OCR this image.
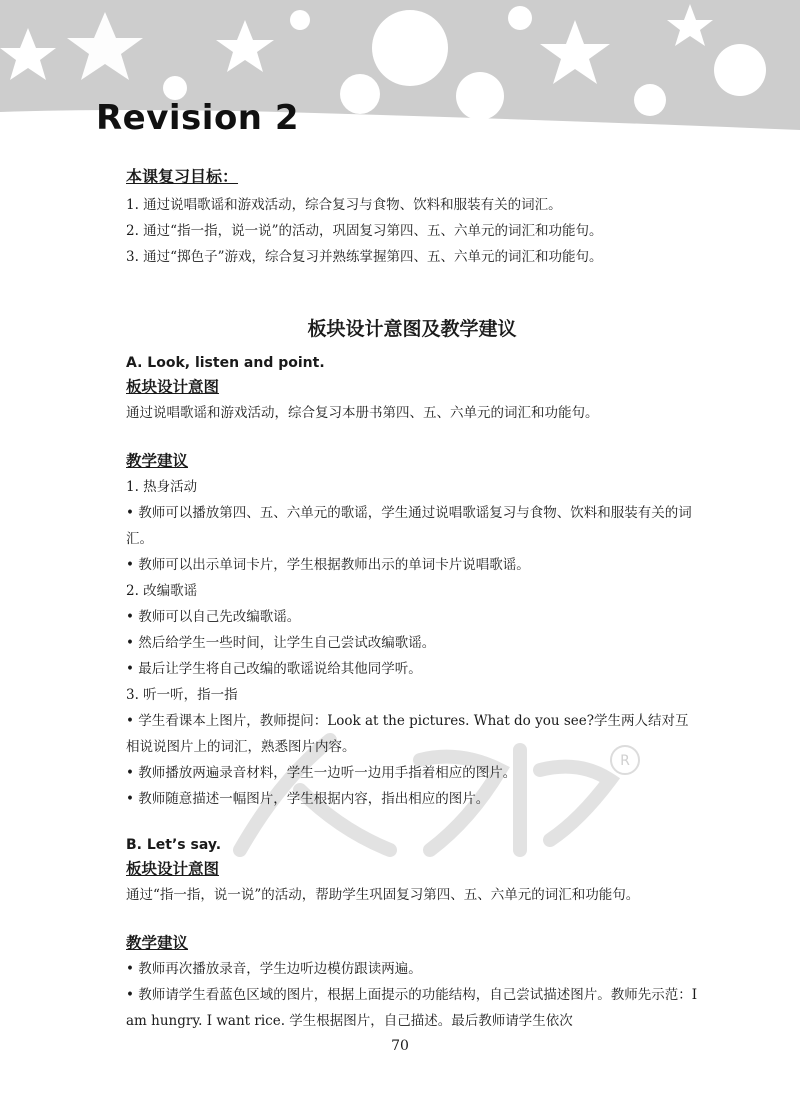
Revision 2
R
本课复习目标：
1. 通过说唱歌谣和游戏活动，综合复习与食物、饮料和服装有关的词汇。
2. 通过“指一指，说一说”的活动，巩固复习第四、五、六单元的词汇和功能句。
3. 通过“掷色子”游戏，综合复习并熟练掌握第四、五、六单元的词汇和功能句。
板块设计意图及教学建议
A. Look, listen and point.
板块设计意图

通过说唱歌谣和游戏活动，综合复习本册书第四、五、六单元的词汇和功能句。

教学建议

1. 热身活动

• 教师可以播放第四、五、六单元的歌谣，学生通过说唱歌谣复习与食物、饮料和服装有关的词汇。

• 教师可以出示单词卡片，学生根据教师出示的单词卡片说唱歌谣。

2. 改编歌谣

• 教师可以自己先改编歌谣。

• 然后给学生一些时间，让学生自己尝试改编歌谣。

• 最后让学生将自己改编的歌谣说给其他同学听。

3. 听一听，指一指

• 学生看课本上图片，教师提问：Look at the pictures. What do you see?学生两人结对互相说说图片上的词汇，熟悉图片内容。

• 教师播放两遍录音材料，学生一边听一边用手指着相应的图片。

• 教师随意描述一幅图片，学生根据内容，指出相应的图片。

B. Let’s say.
板块设计意图

通过“指一指，说一说”的活动，帮助学生巩固复习第四、五、六单元的词汇和功能句。

教学建议

• 教师再次播放录音，学生边听边模仿跟读两遍。

• 教师请学生看蓝色区域的图片，根据上面提示的功能结构，自己尝试描述图片。教师先示范：I am hungry. I want rice. 学生根据图片，自己描述。最后教师请学生依次

70
